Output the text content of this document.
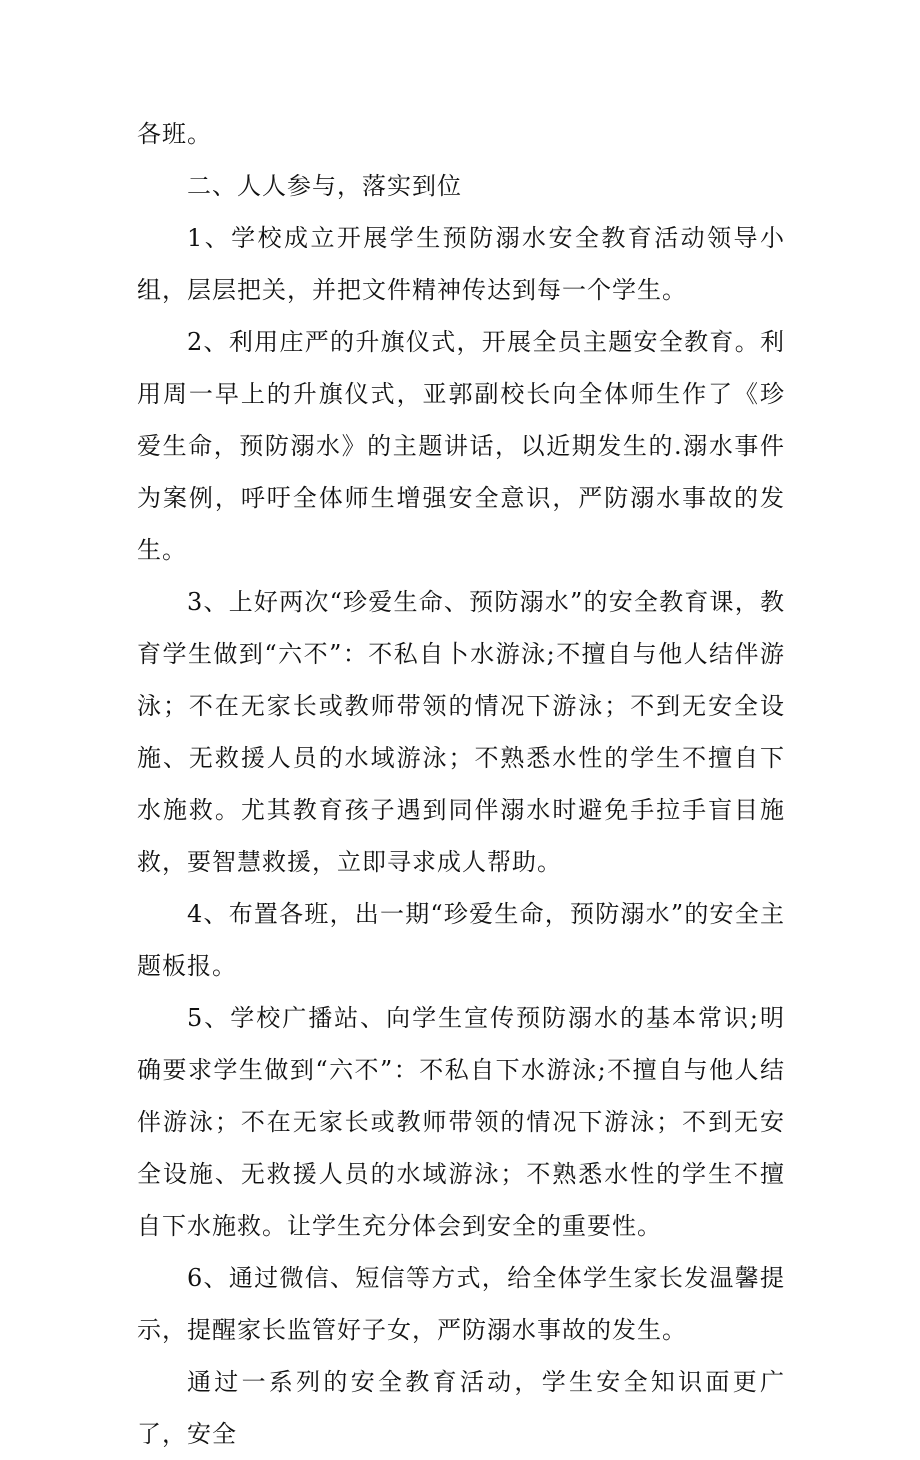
各班。

二、人人参与，落实到位

1、学校成立开展学生预防溺水安全教育活动领导小组，层层把关，并把文件精神传达到每一个学生。

2、利用庄严的升旗仪式，开展全员主题安全教育。利用周一早上的升旗仪式，亚郭副校长向全体师生作了《珍爱生命，预防溺水》的主题讲话，以近期发生的.溺水事件为案例，呼吁全体师生增强安全意识，严防溺水事故的发生。

3、上好两次“珍爱生命、预防溺水”的安全教育课，教育学生做到“六不”：不私自卜水游泳;不擅自与他人结伴游泳；不在无家长或教师带领的情况下游泳；不到无安全设施、无救援人员的水域游泳；不熟悉水性的学生不擅自下水施救。尤其教育孩子遇到同伴溺水时避免手拉手盲目施救，要智慧救援，立即寻求成人帮助。

4、布置各班，出一期“珍爱生命，预防溺水”的安全主题板报。

5、学校广播站、向学生宣传预防溺水的基本常识;明确要求学生做到“六不”：不私自下水游泳;不擅自与他人结伴游泳；不在无家长或教师带领的情况下游泳；不到无安全设施、无救援人员的水域游泳；不熟悉水性的学生不擅自下水施救。让学生充分体会到安全的重要性。

6、通过微信、短信等方式，给全体学生家长发温馨提示，提醒家长监管好子女，严防溺水事故的发生。

通过一系列的安全教育活动，学生安全知识面更广了，安全
